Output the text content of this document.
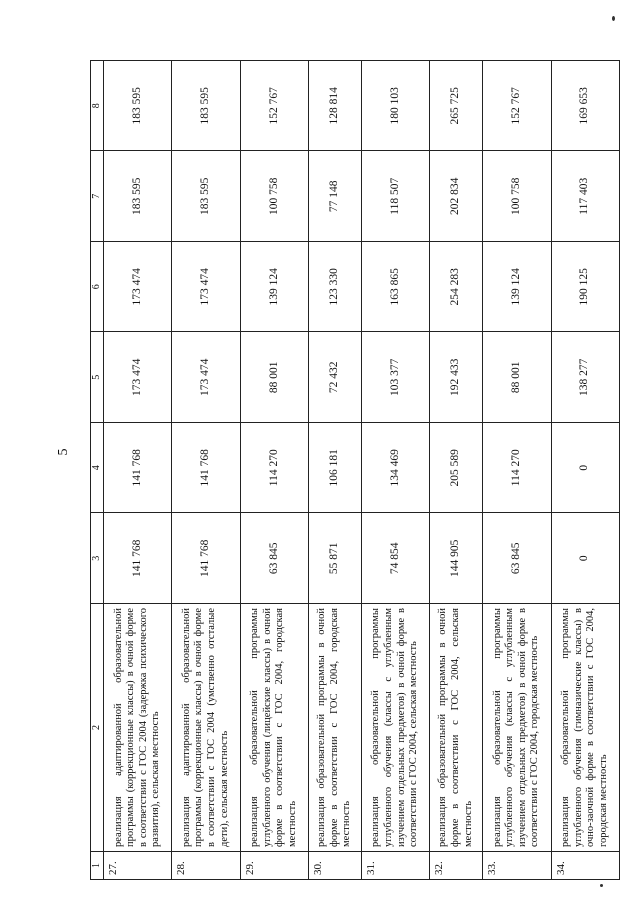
5
1	2	3	4	5	6	7	8
27.	реализация адаптированной образовательной программы (коррекционные классы) в очной форме в соответствии с ГОС 2004 (задержка психического развития), сельская местность	141 768	141 768	173 474	173 474	183 595	183 595
28.	реализация адаптированной образовательной программы (коррекционные классы) в очной форме в соответствии с ГОС 2004 (умственно отсталые дети), сельская местность	141 768	141 768	173 474	173 474	183 595	183 595
29.	реализация образовательной программы углубленного обучения (лицейские классы) в очной форме в соответствии с ГОС 2004, городская местность	63 845	114 270	88 001	139 124	100 758	152 767
30.	реализация образовательной программы в очной форме в соответствии с ГОС 2004, городская местность	55 871	106 181	72 432	123 330	77 148	128 814
31.	реализация образовательной программы углубленного обучения (классы с углубленным изучением отдельных предметов) в очной форме в соответствии с ГОС 2004, сельская местность	74 854	134 469	103 377	163 865	118 507	180 103
32.	реализация образовательной программы в очной форме в соответствии с ГОС 2004, сельская местность	144 905	205 589	192 433	254 283	202 834	265 725
33.	реализация образовательной программы углубленного обучения (классы с углубленным изучением отдельных предметов) в очной форме в соответствии с ГОС 2004, городская местность	63 845	114 270	88 001	139 124	100 758	152 767
34.	реализация образовательной программы углубленного обучения (гимназические классы) в очно-заочной форме в соответствии с ГОС 2004, городская местность	0	0	138 277	190 125	117 403	169 653
